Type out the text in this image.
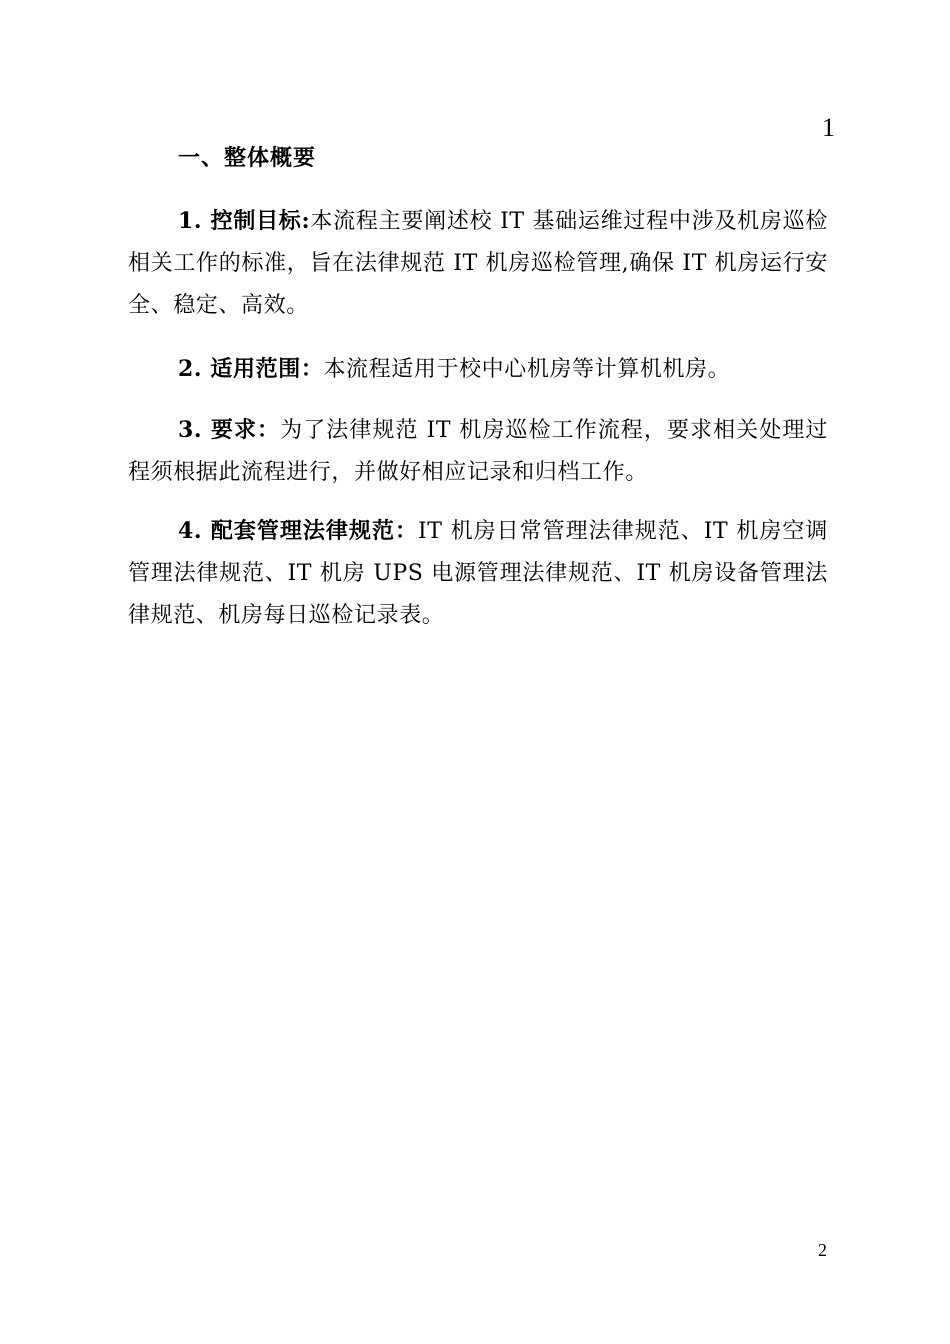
1
一、整体概要

1. 控制目标:本流程主要阐述校 IT 基础运维过程中涉及机房巡检相关工作的标准，旨在法律规范 IT 机房巡检管理,确保 IT 机房运行安全、稳定、高效。

2. 适用范围：本流程适用于校中心机房等计算机机房。

3. 要求：为了法律规范 IT 机房巡检工作流程，要求相关处理过程须根据此流程进行，并做好相应记录和归档工作。

4. 配套管理法律规范：IT 机房日常管理法律规范、IT 机房空调管理法律规范、IT 机房 UPS 电源管理法律规范、IT 机房设备管理法律规范、机房每日巡检记录表。

2
